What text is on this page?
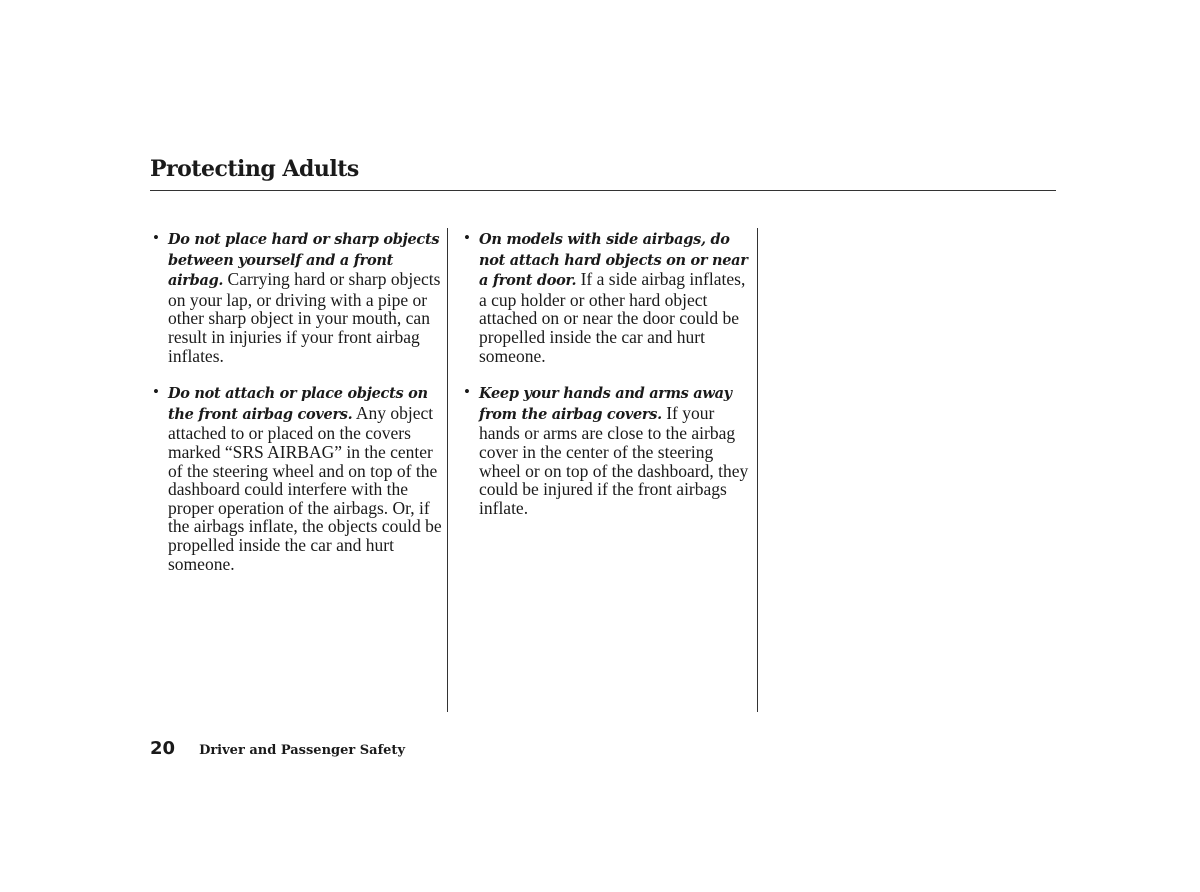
Protecting Adults
• Do not place hard or sharp objects between yourself and a front airbag. Carrying hard or sharp objects on your lap, or driving with a pipe or other sharp object in your mouth, can result in injuries if your front airbag inflates.
• Do not attach or place objects on the front airbag covers. Any object attached to or placed on the covers marked “SRS AIRBAG” in the center of the steering wheel and on top of the dashboard could interfere with the proper operation of the airbags. Or, if the airbags inflate, the objects could be propelled inside the car and hurt someone.
• On models with side airbags, do not attach hard objects on or near a front door. If a side airbag inflates, a cup holder or other hard object attached on or near the door could be propelled inside the car and hurt someone.
• Keep your hands and arms away from the airbag covers. If your hands or arms are close to the airbag cover in the center of the steering wheel or on top of the dashboard, they could be injured if the front airbags inflate.
20 Driver and Passenger Safety
